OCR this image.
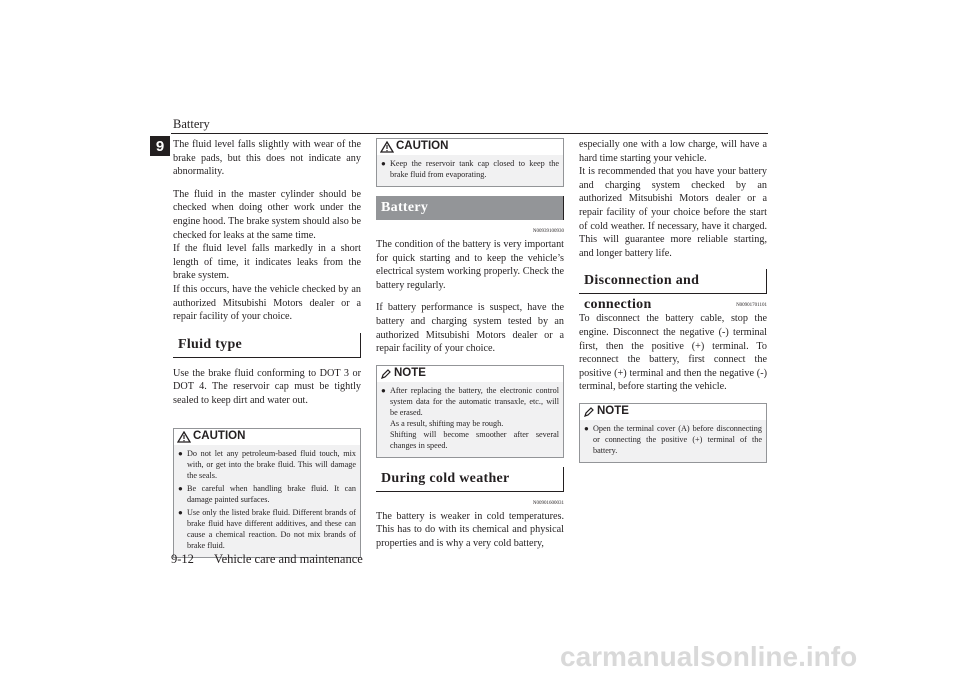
Battery
9 The fluid level falls slightly with wear of the brake pads, but this does not indicate any abnormality.

The fluid in the master cylinder should be checked when doing other work under the engine hood. The brake system should also be checked for leaks at the same time.

If the fluid level falls markedly in a short length of time, it indicates leaks from the brake system.

If this occurs, have the vehicle checked by an authorized Mitsubishi Motors dealer or a repair facility of your choice.

Fluid type

Use the brake fluid conforming to DOT 3 or DOT 4. The reservoir cap must be tightly sealed to keep dirt and water out.

CAUTION
● Do not let any petroleum-based fluid touch, mix with, or get into the brake fluid. This will damage the seals.
● Be careful when handling brake fluid. It can damage painted surfaces.
● Use only the listed brake fluid. Different brands of brake fluid have different additives, and these can cause a chemical reaction. Do not mix brands of brake fluid.
CAUTION
● Keep the reservoir tank cap closed to keep the brake fluid from evaporating.
Battery
N00939100930

The condition of the battery is very important for quick starting and to keep the vehicle’s electrical system working properly. Check the battery regularly.

If battery performance is suspect, have the battery and charging system tested by an authorized Mitsubishi Motors dealer or a repair facility of your choice.

NOTE
● After replacing the battery, the electronic control system data for the automatic transaxle, etc., will be erased.
As a result, shifting may be rough.
Shifting will become smoother after several changes in speed.
During cold weather
N00901600031

The battery is weaker in cold temperatures. This has to do with its chemical and physical properties and is why a very cold battery,

especially one with a low charge, will have a hard time starting your vehicle.

It is recommended that you have your battery and charging system checked by an authorized Mitsubishi Motors dealer or a repair facility of your choice before the start of cold weather. If necessary, have it charged. This will guarantee more reliable starting, and longer battery life.

Disconnection and connection	N00901701101

To disconnect the battery cable, stop the engine. Disconnect the negative (-) terminal first, then the positive (+) terminal. To reconnect the battery, first connect the positive (+) terminal and then the negative (-) terminal, before starting the vehicle.

NOTE
● Open the terminal cover (A) before disconnecting or connecting the positive (+) terminal of the battery.
9-12 Vehicle care and maintenance
carmanualsonline.info
